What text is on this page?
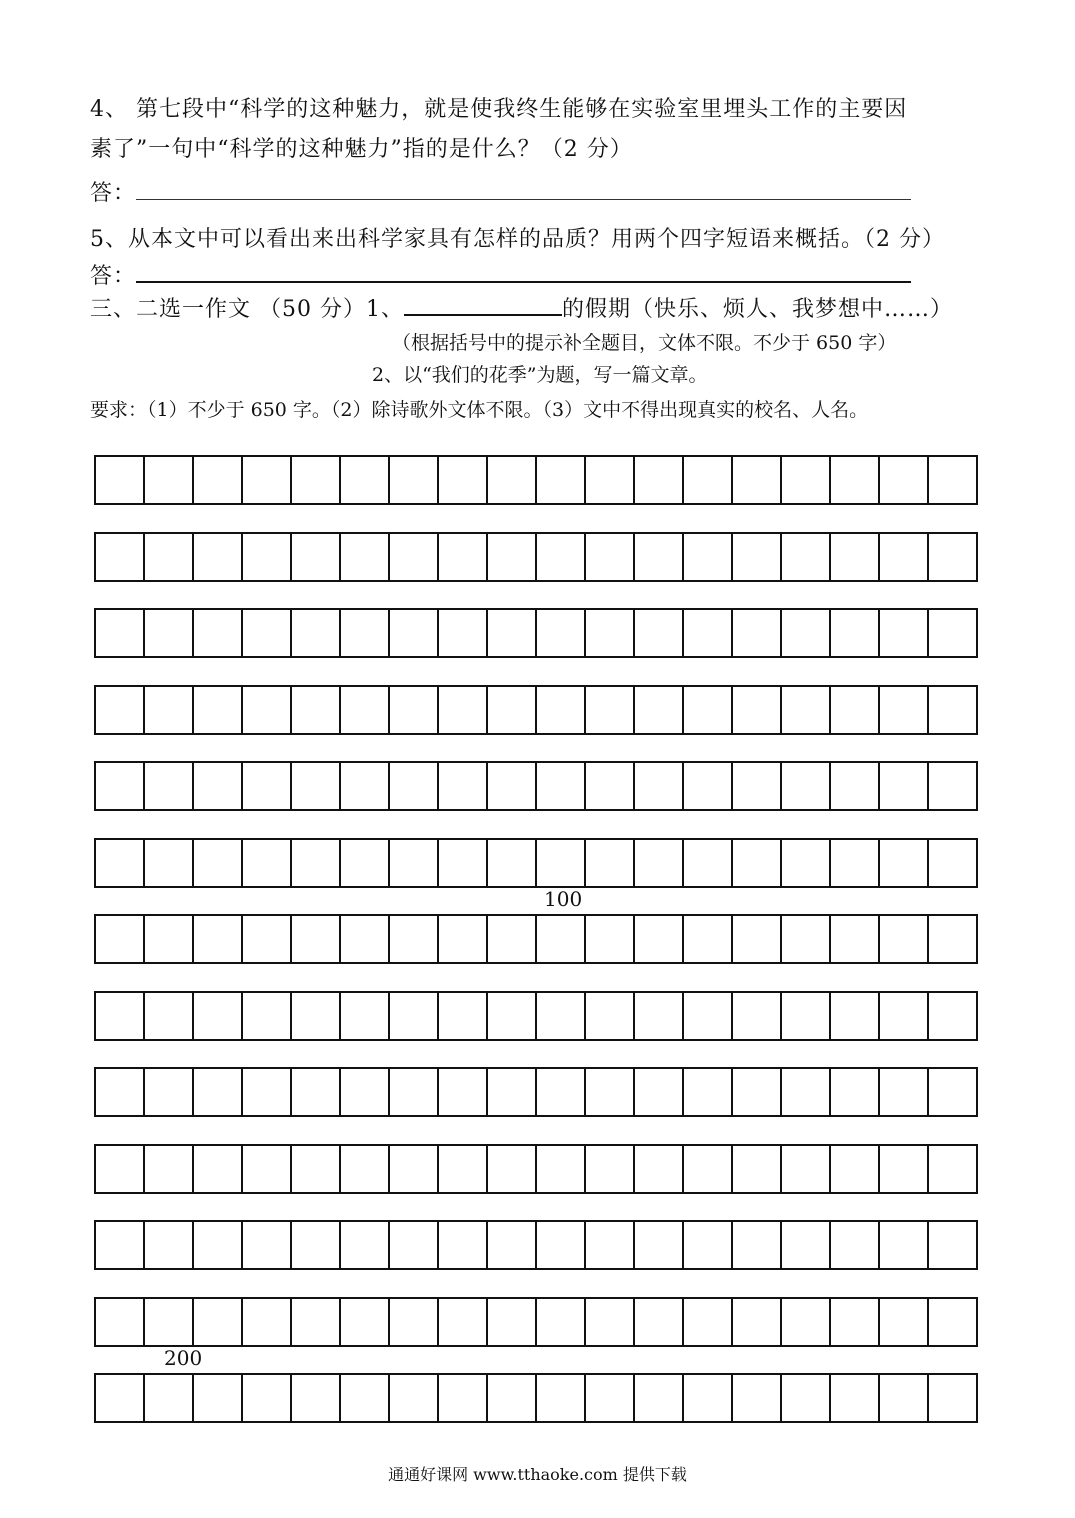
4、 第七段中“科学的这种魅力，就是使我终生能够在实验室里埋头工作的主要因
素了”一句中“科学的这种魅力”指的是什么？（2 分）
答：
5、从本文中可以看出来出科学家具有怎样的品质？用两个四字短语来概括。（2 分）
答：
三、二选一作文 （50 分）1、	的假期（快乐、烦人、我梦想中……）
（根据括号中的提示补全题目，文体不限。不少于 650 字）
2、以“我们的花季”为题，写一篇文章。
要求：（1）不少于 650 字。（2）除诗歌外文体不限。（3）文中不得出现真实的校名、人名。
100
200
通通好课网 www.tthaoke.com 提供下载
